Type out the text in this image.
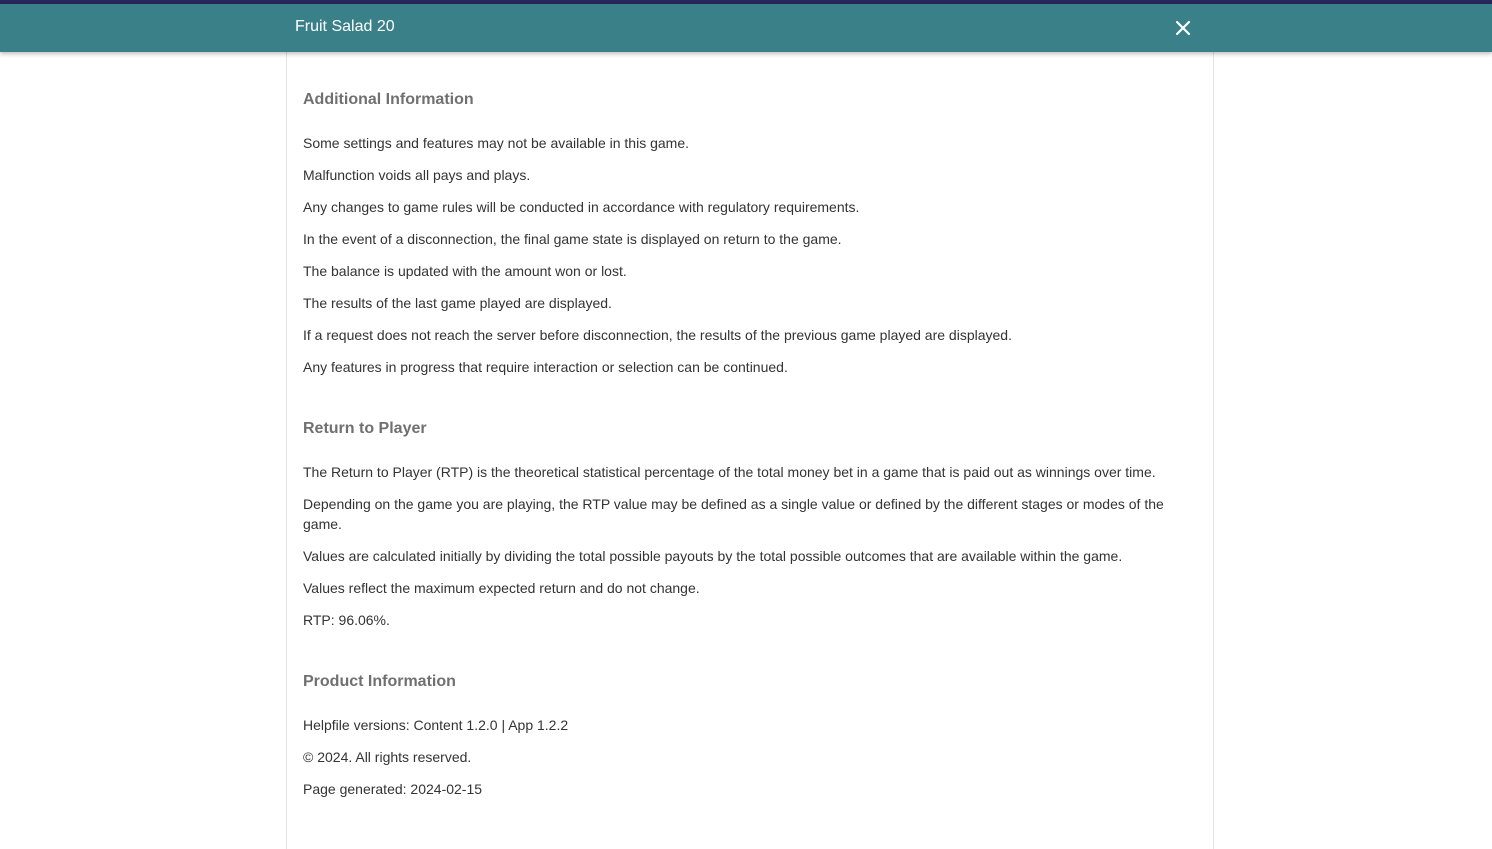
Fruit Salad 20
Additional Information

Some settings and features may not be available in this game.

Malfunction voids all pays and plays.

Any changes to game rules will be conducted in accordance with regulatory requirements.

In the event of a disconnection, the final game state is displayed on return to the game.

The balance is updated with the amount won or lost.

The results of the last game played are displayed.

If a request does not reach the server before disconnection, the results of the previous game played are displayed.

Any features in progress that require interaction or selection can be continued.

Return to Player

The Return to Player (RTP) is the theoretical statistical percentage of the total money bet in a game that is paid out as winnings over time.

Depending on the game you are playing, the RTP value may be defined as a single value or defined by the different stages or modes of the game.

Values are calculated initially by dividing the total possible payouts by the total possible outcomes that are available within the game.

Values reflect the maximum expected return and do not change.

RTP: 96.06%.

Product Information

Helpfile versions: Content 1.2.0 | App 1.2.2

© 2024. All rights reserved.

Page generated: 2024-02-15
